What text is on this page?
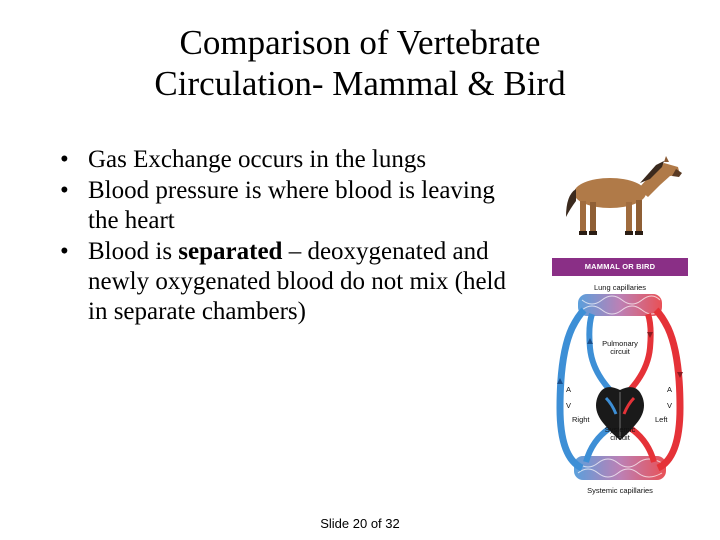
Comparison of Vertebrate
Circulation- Mammal & Bird
• Gas Exchange occurs in the lungs
• Blood pressure is where blood is leaving the heart
• Blood is separated – deoxygenated and newly oxygenated blood do not mix (held in separate chambers)
MAMMAL OR BIRD
Lung capillaries
Pulmonary
circuit
A
V
A
V
Right	Left
Systemic
circuit
Systemic capillaries
Slide 20 of 32
